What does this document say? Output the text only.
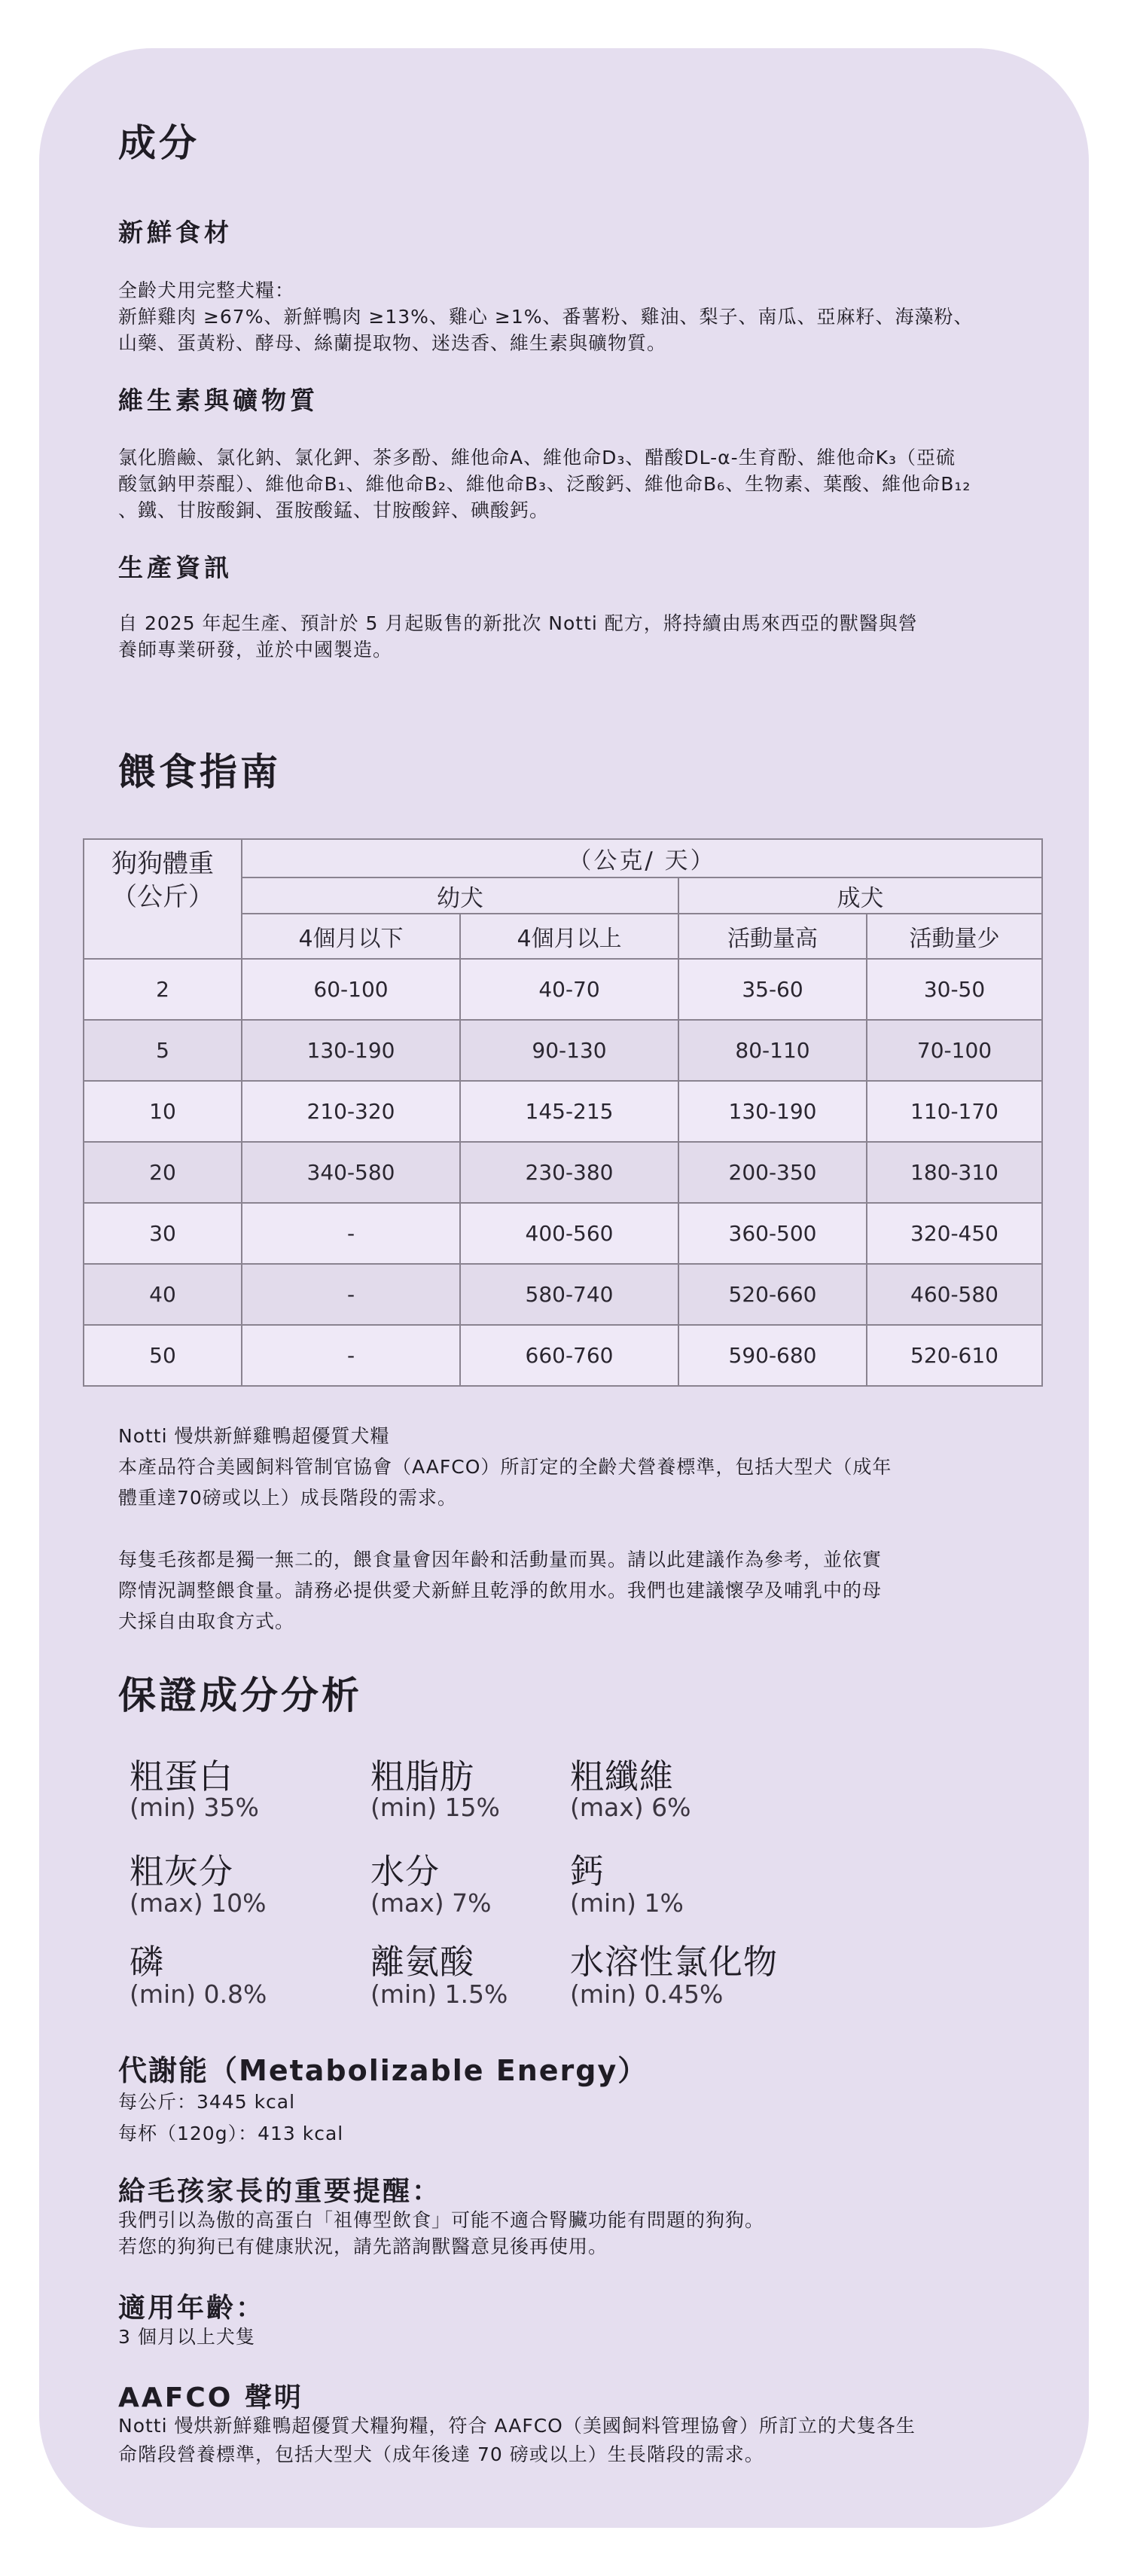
成分
新鮮食材

全齡犬用完整犬糧：

新鮮雞肉 ≥67%、新鮮鴨肉 ≥13%、雞心 ≥1%、番薯粉、雞油、梨子、南瓜、亞麻籽、海藻粉、

山藥、蛋黃粉、酵母、絲蘭提取物、迷迭香、維生素與礦物質。

維生素與礦物質

氯化膽鹼、氯化鈉、氯化鉀、茶多酚、維他命A、維他命D₃、醋酸DL-α-生育酚、維他命K₃（亞硫

酸氫鈉甲萘醌）、維他命B₁、維他命B₂、維他命B₃、泛酸鈣、維他命B₆、生物素、葉酸、維他命B₁₂

、鐵、甘胺酸銅、蛋胺酸錳、甘胺酸鋅、碘酸鈣。

生產資訊

自 2025 年起生產、預計於 5 月起販售的新批次 Notti 配方，將持續由馬來西亞的獸醫與營

養師專業研發，並於中國製造。

餵食指南
狗狗體重
（公斤）	（公克/ 天）			
	幼犬		成犬	
	4個月以下	4個月以上	活動量高	活動量少
2	60-100	40-70	35-60	30-50
5	130-190	90-130	80-110	70-100
10	210-320	145-215	130-190	110-170
20	340-580	230-380	200-350	180-310
30	-	400-560	360-500	320-450
40	-	580-740	520-660	460-580
50	-	660-760	590-680	520-610

Notti 慢烘新鮮雞鴨超優質犬糧

本產品符合美國飼料管制官協會（AAFCO）所訂定的全齡犬營養標準，包括大型犬（成年

體重達70磅或以上）成長階段的需求。

每隻毛孩都是獨一無二的，餵食量會因年齡和活動量而異。請以此建議作為參考，並依實

際情況調整餵食量。請務必提供愛犬新鮮且乾淨的飲用水。我們也建議懷孕及哺乳中的母

犬採自由取食方式。

保證成分分析
粗蛋白
(min) 35%
粗脂肪
(min) 15%
粗纖維
(max) 6%
粗灰分
(max) 10%
水分
(max) 7%
鈣
(min) 1%
磷
(min) 0.8%
離氨酸
(min) 1.5%
水溶性氯化物
(min) 0.45%
代謝能（Metabolizable Energy）

每公斤：3445 kcal

每杯（120g）：413 kcal

給毛孩家長的重要提醒：

我們引以為傲的高蛋白「祖傳型飲食」可能不適合腎臟功能有問題的狗狗。

若您的狗狗已有健康狀況，請先諮詢獸醫意見後再使用。

適用年齡：
3 個月以上犬隻
AAFCO 聲明

Notti 慢烘新鮮雞鴨超優質犬糧狗糧，符合 AAFCO（美國飼料管理協會）所訂立的犬隻各生

命階段營養標準，包括大型犬（成年後達 70 磅或以上）生長階段的需求。
